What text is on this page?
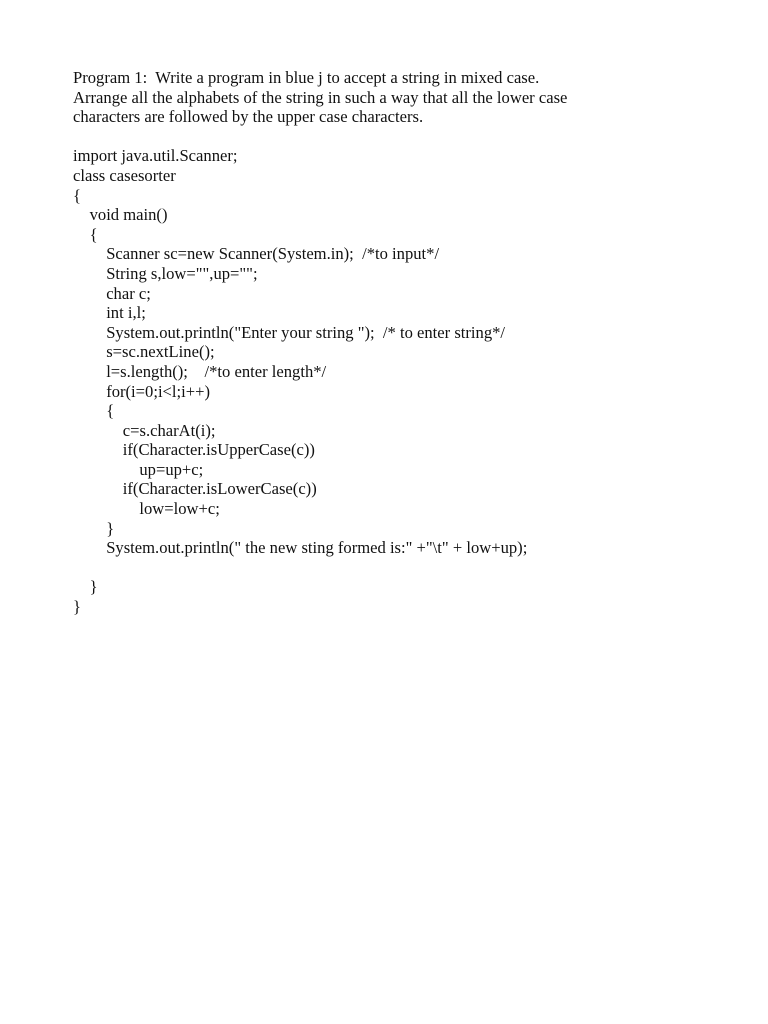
Program 1:  Write a program in blue j to accept a string in mixed case.
Arrange all the alphabets of the string in such a way that all the lower case
characters are followed by the upper case characters.
import java.util.Scanner;
class casesorter
{
void main()
{
Scanner sc=new Scanner(System.in);  /*to input*/
String s,low="",up="";
char c;
int i,l;
System.out.println("Enter your string ");  /* to enter string*/
s=sc.nextLine();
l=s.length();    /*to enter length*/
for(i=0;i<l;i++)
{
c=s.charAt(i);
if(Character.isUpperCase(c))
up=up+c;
if(Character.isLowerCase(c))
low=low+c;
}
System.out.println(" the new sting formed is:" +"\t" + low+up);
}
}
